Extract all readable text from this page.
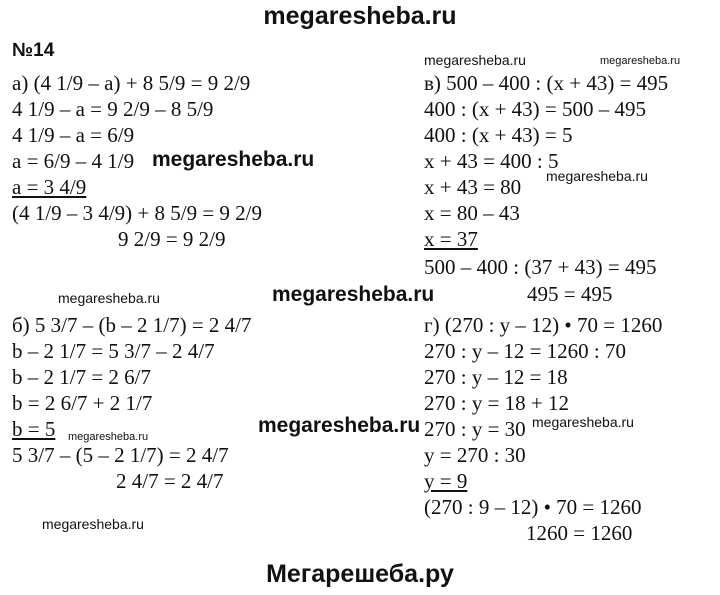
megaresheba.ru
№14
а) (4 1/9 – а) + 8 5/9 = 9 2/9
4 1/9 – а = 9 2/9 – 8 5/9
4 1/9 – а = 6/9
а = 6/9 – 4 1/9
а = 3 4/9
(4 1/9 – 3 4/9) + 8 5/9 = 9 2/9
9 2/9 = 9 2/9
б) 5 3/7 – (b – 2 1/7) = 2 4/7
b – 2 1/7 = 5 3/7 – 2 4/7
b – 2 1/7 = 2 6/7
b = 2 6/7 + 2 1/7
b = 5
5 3/7 – (5 – 2 1/7) = 2 4/7
2 4/7 = 2 4/7
в) 500 – 400 : (x + 43) = 495
400 : (x + 43) = 500 – 495
400 : (x + 43) = 5
x + 43 = 400 : 5
x + 43 = 80
x = 80 – 43
x = 37
500 – 400 : (37 + 43) = 495
495 = 495
г) (270 : y – 12) • 70 = 1260
270 : y – 12 = 1260 : 70
270 : y – 12 = 18
270 : y = 18 + 12
270 : y = 30
y = 270 : 30
y = 9
(270 : 9 – 12) • 70 = 1260
1260 = 1260
megaresheba.ru	megaresheba.ru
megaresheba.ru
megaresheba.ru
megaresheba.ru	megaresheba.ru
megaresheba.ru	megaresheba.ru	megaresheba.ru
megaresheba.ru
Мегарешеба.ру
